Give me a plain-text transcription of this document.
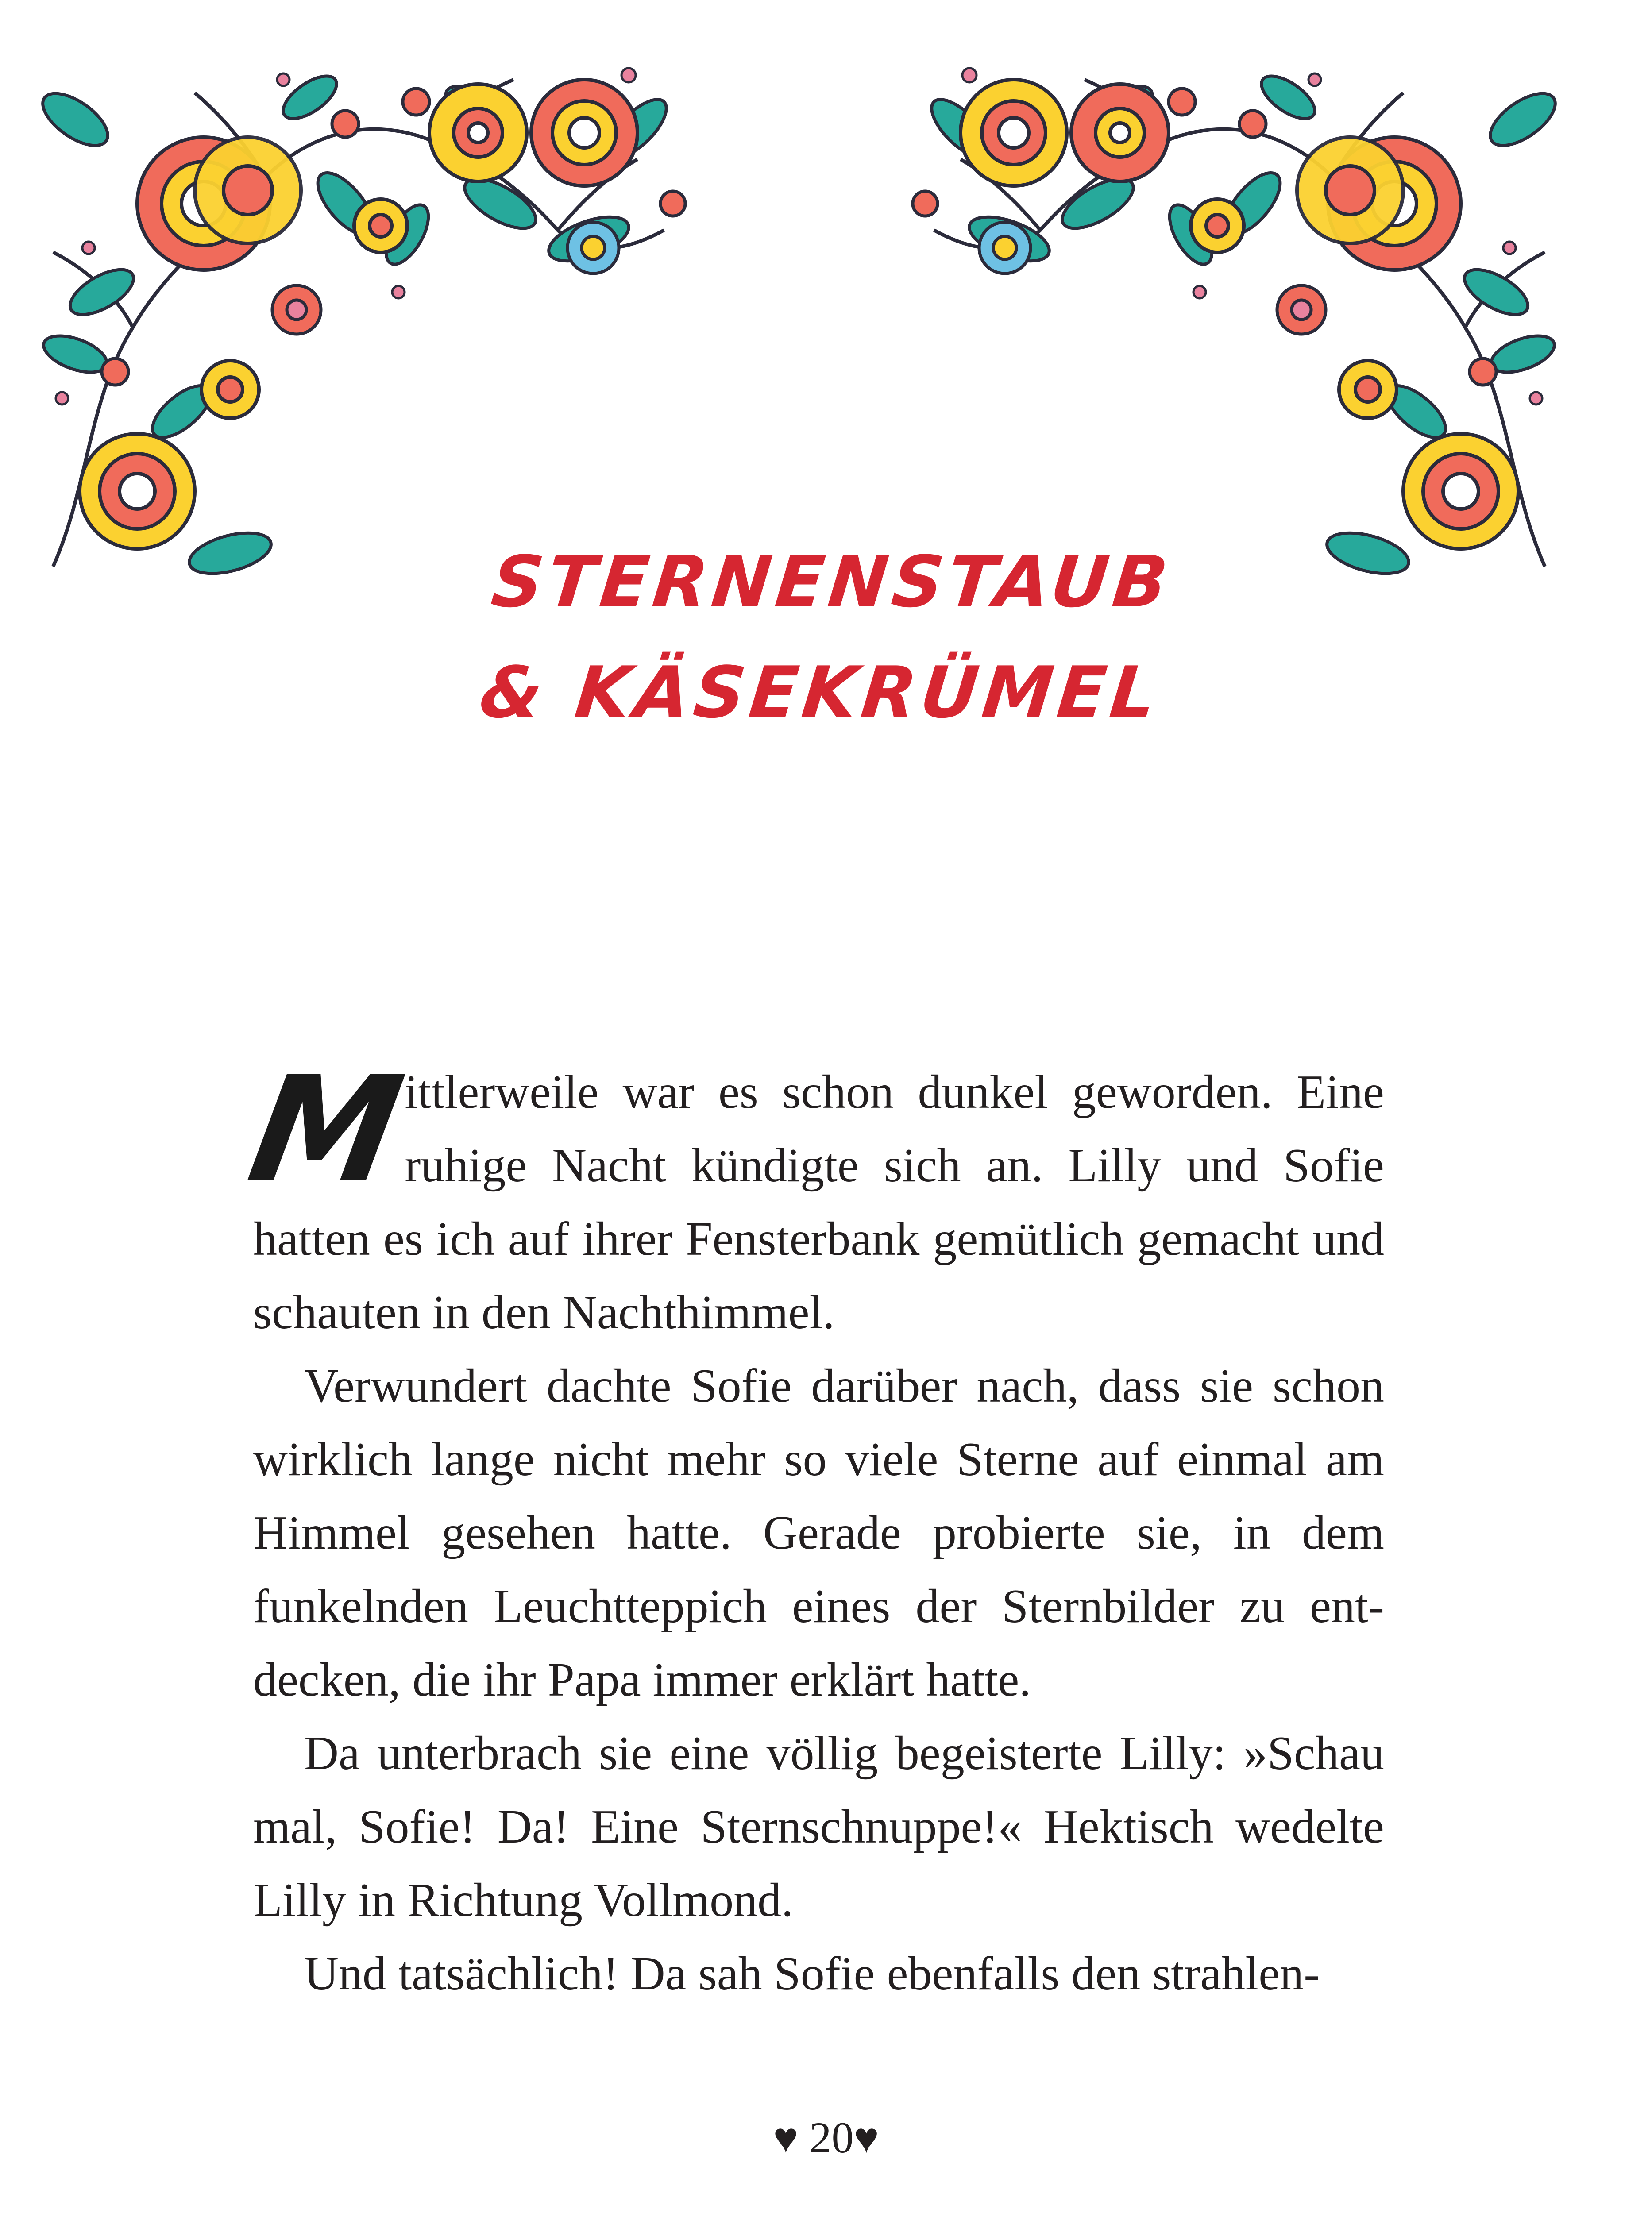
STERNENSTAUB
& KÄSEKRÜMEL

M
ittlerweile war es schon dunkel geworden. Eine ruhige Nacht kündigte sich an. Lilly und Sofie hatten es ich auf ihrer Fensterbank gemütlich gemacht und schauten in den Nachthimmel.

Verwundert dachte Sofie darüber nach, dass sie schon wirklich lange nicht mehr so viele Sterne auf einmal am Himmel gesehen hatte. Gerade probierte sie, in dem funkelnden Leuchtteppich eines der Sternbilder zu entdecken, die ihr Papa immer erklärt hatte.

Da unterbrach sie eine völlig begeisterte Lilly: »Schau mal, Sofie! Da! Eine Sternschnuppe!« Hektisch wedelte Lilly in Richtung Vollmond.

Und tatsächlich! Da sah Sofie ebenfalls den strahlen-

♥ 20♥
